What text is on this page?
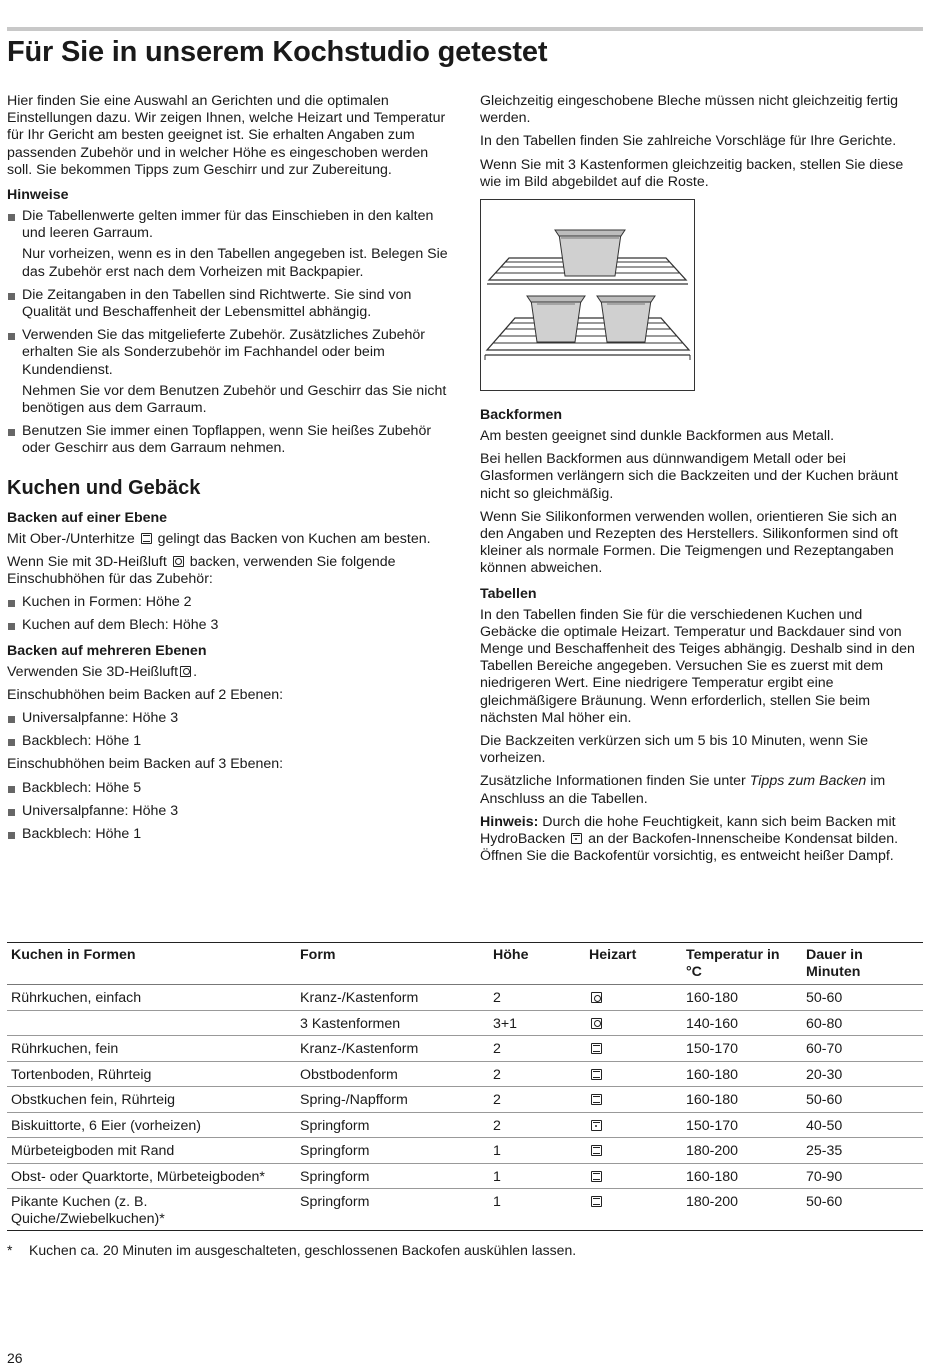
Für Sie in unserem Kochstudio getestet

Hier finden Sie eine Auswahl an Gerichten und die optimalen Einstellungen dazu. Wir zeigen Ihnen, welche Heizart und Temperatur für Ihr Gericht am besten geeignet ist. Sie erhalten Angaben zum passenden Zubehör und in welcher Höhe es eingeschoben werden soll. Sie bekommen Tipps zum Geschirr und zur Zubereitung.

Hinweise
Die Tabellenwerte gelten immer für das Einschieben in den kalten und leeren Garraum.

Nur vorheizen, wenn es in den Tabellen angegeben ist. Belegen Sie das Zubehör erst nach dem Vorheizen mit Backpapier.

Die Zeitangaben in den Tabellen sind Richtwerte. Sie sind von Qualität und Beschaffenheit der Lebensmittel abhängig.
Verwenden Sie das mitgelieferte Zubehör. Zusätzliches Zubehör erhalten Sie als Sonderzubehör im Fachhandel oder beim Kundendienst.

Nehmen Sie vor dem Benutzen Zubehör und Geschirr das Sie nicht benötigen aus dem Garraum.

Benutzen Sie immer einen Topflappen, wenn Sie heißes Zubehör oder Geschirr aus dem Garraum nehmen.
Kuchen und Gebäck
Backen auf einer Ebene

Mit Ober-/Unterhitze gelingt das Backen von Kuchen am besten.

Wenn Sie mit 3D-Heißluft backen, verwenden Sie folgende Einschubhöhen für das Zubehör:

Kuchen in Formen: Höhe 2
Kuchen auf dem Blech: Höhe 3
Backen auf mehreren Ebenen

Verwenden Sie 3D-Heißluft .

Einschubhöhen beim Backen auf 2 Ebenen:

Universalpfanne: Höhe 3
Backblech: Höhe 1

Einschubhöhen beim Backen auf 3 Ebenen:

Backblech: Höhe 5
Universalpfanne: Höhe 3
Backblech: Höhe 1

Gleichzeitig eingeschobene Bleche müssen nicht gleichzeitig fertig werden.

In den Tabellen finden Sie zahlreiche Vorschläge für Ihre Gerichte.

Wenn Sie mit 3 Kastenformen gleichzeitig backen, stellen Sie diese wie im Bild abgebildet auf die Roste.

Backformen

Am besten geeignet sind dunkle Backformen aus Metall.

Bei hellen Backformen aus dünnwandigem Metall oder bei Glasformen verlängern sich die Backzeiten und der Kuchen bräunt nicht so gleichmäßig.

Wenn Sie Silikonformen verwenden wollen, orientieren Sie sich an den Angaben und Rezepten des Herstellers. Silikonformen sind oft kleiner als normale Formen. Die Teigmengen und Rezeptangaben können abweichen.

Tabellen

In den Tabellen finden Sie für die verschiedenen Kuchen und Gebäcke die optimale Heizart. Temperatur und Backdauer sind von Menge und Beschaffenheit des Teiges abhängig. Deshalb sind in den Tabellen Bereiche angegeben. Versuchen Sie es zuerst mit dem niedrigeren Wert. Eine niedrigere Temperatur ergibt eine gleichmäßigere Bräunung. Wenn erforderlich, stellen Sie beim nächsten Mal höher ein.

Die Backzeiten verkürzen sich um 5 bis 10 Minuten, wenn Sie vorheizen.

Zusätzliche Informationen finden Sie unter Tipps zum Backen im Anschluss an die Tabellen.

Hinweis: Durch die hohe Feuchtigkeit, kann sich beim Backen mit HydroBacken an der Backofen-Innenscheibe Kondensat bilden. Öffnen Sie die Backofentür vorsichtig, es entweicht heißer Dampf.

Kuchen in Formen	Form	Höhe	Heizart	Temperatur in °C	Dauer in Minuten
Rührkuchen, einfach	Kranz-/Kastenform	2		160-180	50-60
	3 Kastenformen	3+1		140-160	60-80
Rührkuchen, fein	Kranz-/Kastenform	2		150-170	60-70
Tortenboden, Rührteig	Obstbodenform	2		160-180	20-30
Obstkuchen fein, Rührteig	Spring-/Napfform	2		160-180	50-60
Biskuittorte, 6 Eier (vorheizen)	Springform	2		150-170	40-50
Mürbeteigboden mit Rand	Springform	1		180-200	25-35
Obst- oder Quarktorte, Mürbeteigboden*	Springform	1		160-180	70-90
Pikante Kuchen (z. B. Quiche/Zwiebelkuchen)*	Springform	1		180-200	50-60
* Kuchen ca. 20 Minuten im ausgeschalteten, geschlossenen Backofen auskühlen lassen.
26
